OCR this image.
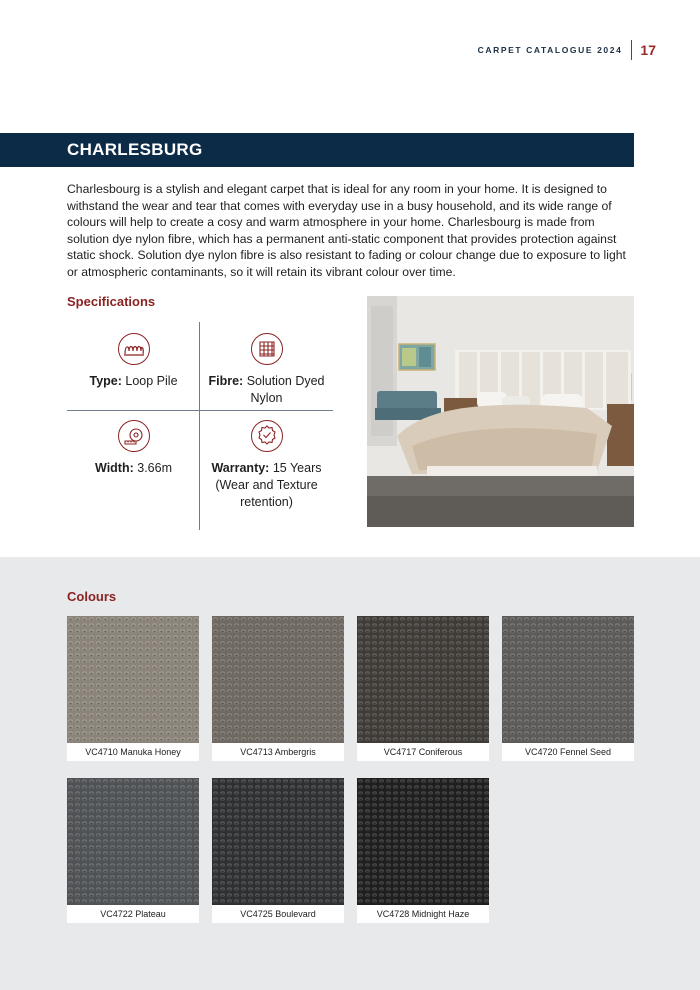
CARPET CATALOGUE 2024 17
CHARLESBURG

Charlesbourg is a stylish and elegant carpet that is ideal for any room in your home. It is designed to withstand the wear and tear that comes with everyday use in a busy household, and its wide range of colours will help to create a cosy and warm atmosphere in your home. Charlesbourg is made from solution dye nylon fibre, which has a permanent anti-static component that provides protection against static shock. Solution dye nylon fibre is also resistant to fading or colour change due to exposure to light or atmospheric contaminants, so it will retain its vibrant colour over time.

Specifications
Type: Loop Pile	Fibre: Solution Dyed Nylon
Width: 3.66m	Warranty: 15 Years (Wear and Texture retention)
Colours
VC4710 Manuka Honey	VC4713 Ambergris	VC4717 Coniferous	VC4720 Fennel Seed
VC4722 Plateau	VC4725 Boulevard	VC4728 Midnight Haze
